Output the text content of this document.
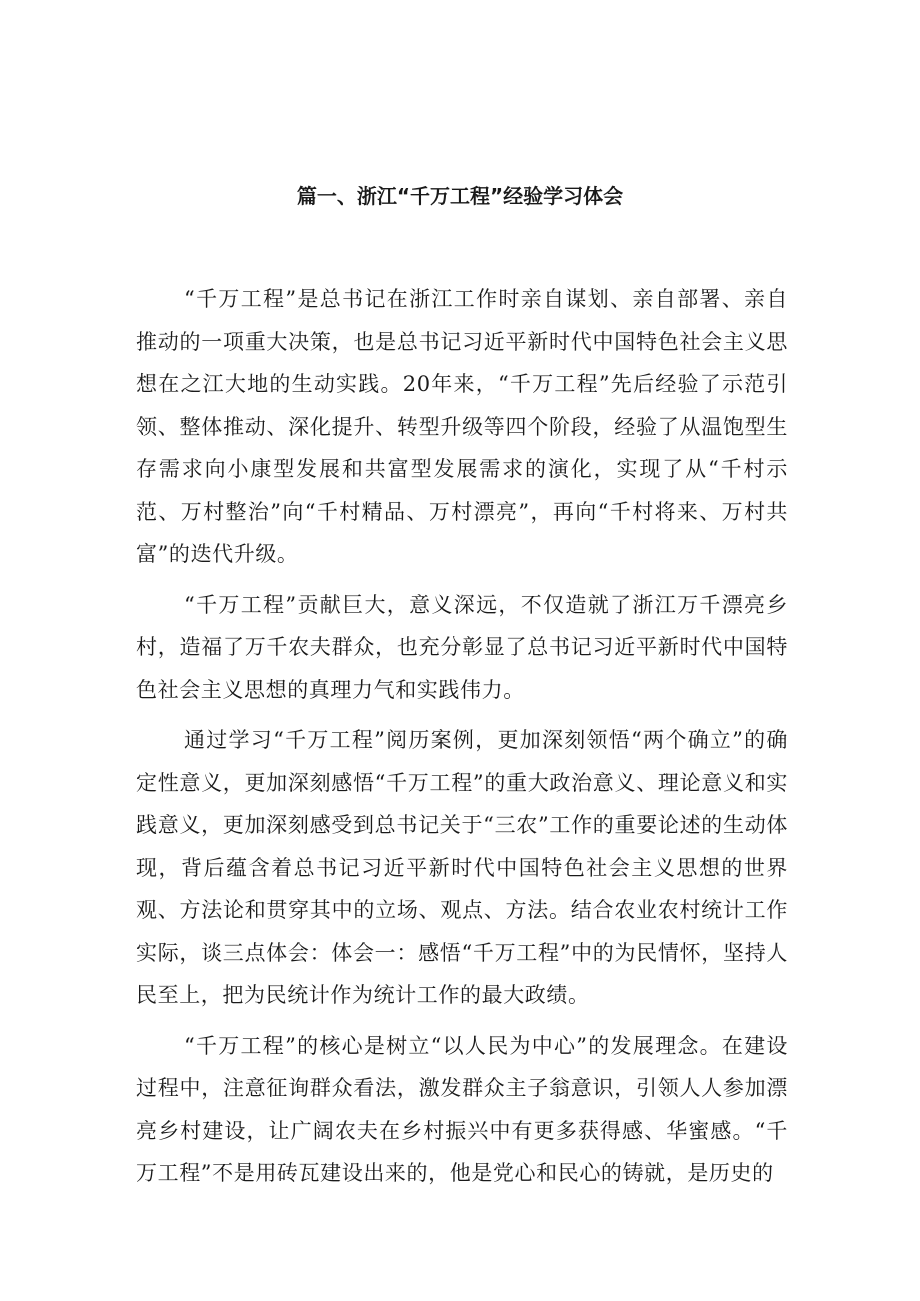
篇一、浙江“千万工程”经验学习体会

“千万工程”是总书记在浙江工作时亲自谋划、亲自部署、亲自推动的一项重大决策，也是总书记习近平新时代中国特色社会主义思想在之江大地的生动实践。20年来，“千万工程”先后经验了示范引领、整体推动、深化提升、转型升级等四个阶段，经验了从温饱型生存需求向小康型发展和共富型发展需求的演化，实现了从“千村示范、万村整治”向“千村精品、万村漂亮”，再向“千村将来、万村共富”的迭代升级。

“千万工程”贡献巨大，意义深远，不仅造就了浙江万千漂亮乡村，造福了万千农夫群众，也充分彰显了总书记习近平新时代中国特色社会主义思想的真理力气和实践伟力。

通过学习“千万工程”阅历案例，更加深刻领悟“两个确立”的确定性意义，更加深刻感悟“千万工程”的重大政治意义、理论意义和实践意义，更加深刻感受到总书记关于“三农”工作的重要论述的生动体现，背后蕴含着总书记习近平新时代中国特色社会主义思想的世界观、方法论和贯穿其中的立场、观点、方法。结合农业农村统计工作实际，谈三点体会：体会一：感悟“千万工程”中的为民情怀，坚持人民至上，把为民统计作为统计工作的最大政绩。

“千万工程”的核心是树立“以人民为中心”的发展理念。在建设过程中，注意征询群众看法，激发群众主子翁意识，引领人人参加漂亮乡村建设，让广阔农夫在乡村振兴中有更多获得感、华蜜感。“千万工程”不是用砖瓦建设出来的，他是党心和民心的铸就，是历史的
